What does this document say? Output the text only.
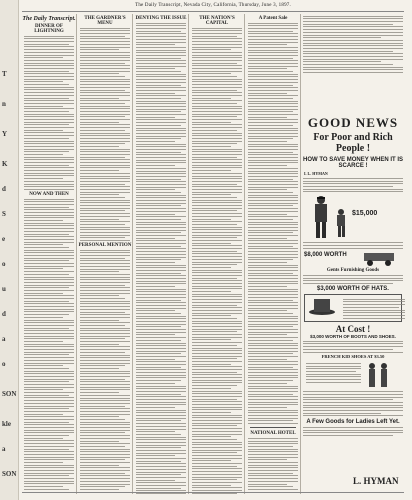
T
n
Y
K
d
S
e
o
u
d
a
o
SON
kle
a
SON
The Daily Transcript, Nevada City, California, Thursday, June 3, 1897.
The Daily Transcript.
DINNER OF LIGHTNING
NOW AND THEN
THE GARDNER'S MENU
PERSONAL MENTION
DENYING THE ISSUE	THE NATION'S CAPITAL
A Patent Sale
NATIONAL HOTEL
GOOD NEWS
For Poor and Rich People !
HOW TO SAVE MONEY WHEN IT IS
SCARCE !
I. L. HYMAN
$15,000
$8,000 WORTH
Gents Furnishing Goods
$3,000 WORTH OF HATS.
At Cost !
$3,000 WORTH OF BOOTS AND SHOES.
FRENCH KID SHOES AT $3.50
A Few Goods for Ladies Left Yet.
L. HYMAN
